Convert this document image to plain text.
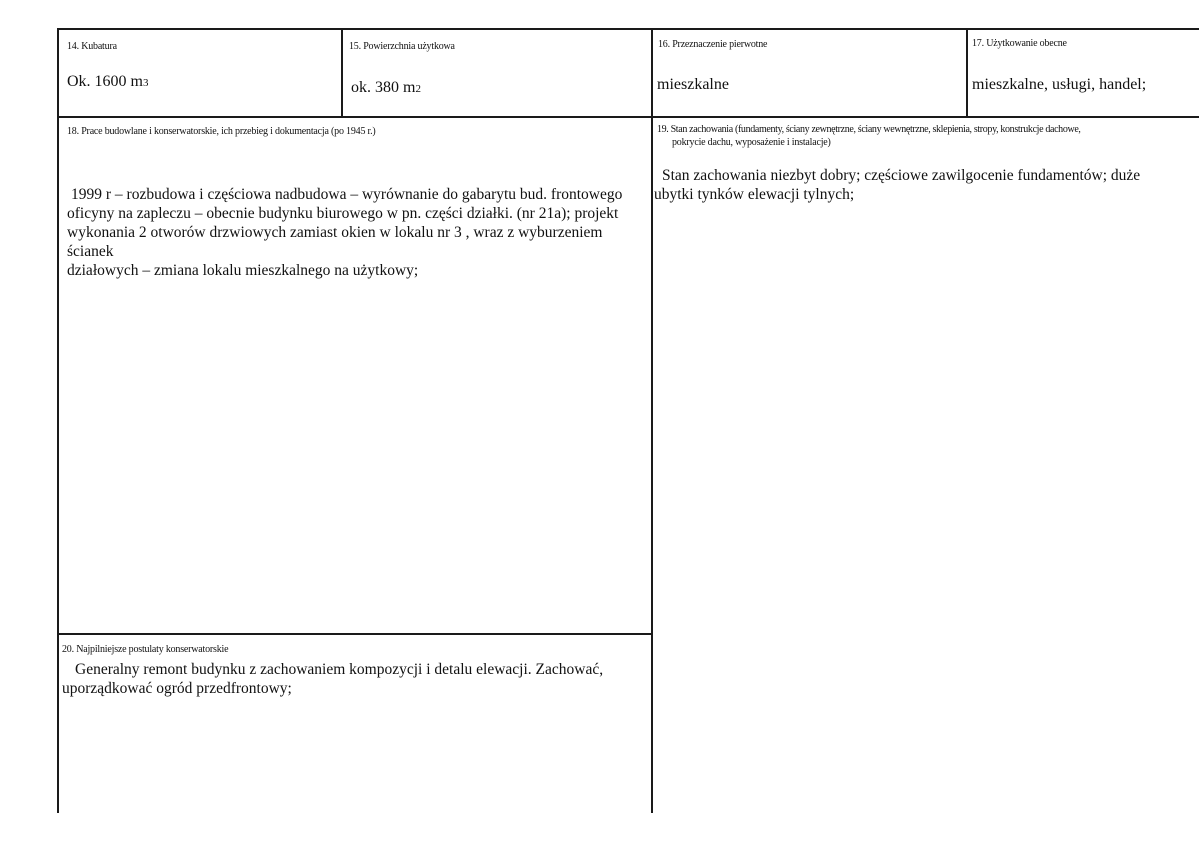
14. Kubatura
Ok. 1600 m3
15. Powierzchnia użytkowa
ok. 380 m2
16. Przeznaczenie pierwotne
mieszkalne
17. Użytkowanie obecne
mieszkalne, usługi, handel;
18. Prace budowlane i konserwatorskie, ich przebieg i dokumentacja (po 1945 r.)
1999 r – rozbudowa i częściowa nadbudowa – wyrównanie do gabarytu bud. frontowego
oficyny na zapleczu – obecnie budynku biurowego w pn. części działki. (nr 21a); projekt
wykonania 2 otworów drzwiowych zamiast okien w lokalu nr 3 , wraz z wyburzeniem ścianek
działowych – zmiana lokalu mieszkalnego na użytkowy;
19. Stan zachowania (fundamenty, ściany zewnętrzne, ściany wewnętrzne, sklepienia, stropy, konstrukcje dachowe,
pokrycie dachu, wyposażenie i instalacje)
Stan zachowania niezbyt dobry; częściowe zawilgocenie fundamentów; duże
ubytki tynków elewacji tylnych;
20. Najpilniejsze postulaty konserwatorskie
Generalny remont budynku z zachowaniem kompozycji i detalu elewacji. Zachować,
uporządkować ogród przedfrontowy;
